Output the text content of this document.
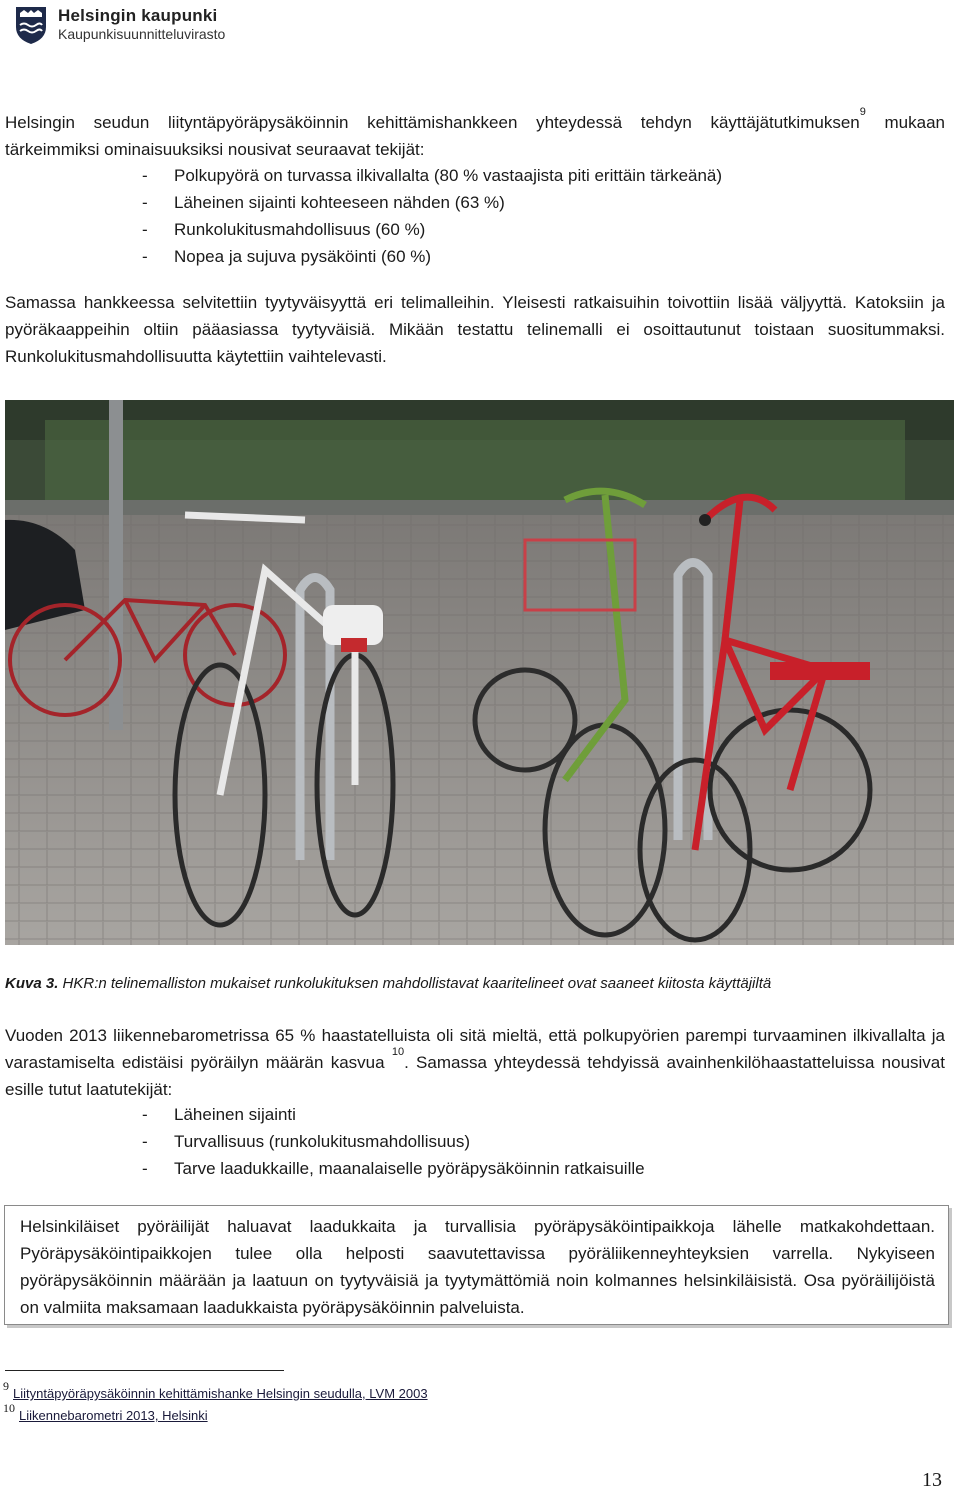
Helsingin kaupunki
Kaupunkisuunnitteluvirasto
Helsingin seudun liityntäpyöräpysäköinnin kehittämishankkeen yhteydessä tehdyn käyttäjätutkimuksen$^9$ mukaan tärkeimmiksi ominaisuuksiksi nousivat seuraavat tekijät:
-	Polkupyörä on turvassa ilkivallalta (80 % vastaajista piti erittäin tärkeänä)
-	Läheinen sijainti kohteeseen nähden (63 %)
-	Runkolukitusmahdollisuus (60 %)
-	Nopea ja sujuva pysäköinti (60 %)
Samassa hankkeessa selvitettiin tyytyväisyyttä eri telimalleihin. Yleisesti ratkaisuihin toivottiin lisää väljyyttä. Katoksiin ja pyöräkaappeihin oltiin pääasiassa tyytyväisiä. Mikään testattu telinemalli ei osoittautunut toistaan suositummaksi. Runkolukitusmahdollisuutta käytettiin vaihtelevasti.
Kuva 3. HKR:n telinemalliston mukaiset runkolukituksen mahdollistavat kaaritelineet ovat saaneet kiitosta käyttäjiltä
Vuoden 2013 liikennebarometrissa 65 % haastatelluista oli sitä mieltä, että polkupyörien parempi turvaaminen ilkivallalta ja varastamiselta edistäisi pyöräilyn määrän kasvua $^{10}$. Samassa yhteydessä tehdyissä avainhenkilöhaastatteluissa nousivat esille tutut laatutekijät:
-	Läheinen sijainti
-	Turvallisuus (runkolukitusmahdollisuus)
-	Tarve laadukkaille, maanalaiselle pyöräpysäköinnin ratkaisuille
Helsinkiläiset pyöräilijät haluavat laadukkaita ja turvallisia pyöräpysäköintipaikkoja lähelle matkakohdettaan. Pyöräpysäköintipaikkojen tulee olla helposti saavutettavissa pyöräliikenneyhteyksien varrella. Nykyiseen pyöräpysäköinnin määrään ja laatuun on tyytyväisiä ja tyytymättömiä noin kolmannes helsinkiläisistä. Osa pyöräilijöistä on valmiita maksamaan laadukkaista pyöräpysäköinnin palveluista.
9 Liityntäpyöräpysäköinnin kehittämishanke Helsingin seudulla, LVM 2003
10 Liikennebarometri 2013, Helsinki
13
